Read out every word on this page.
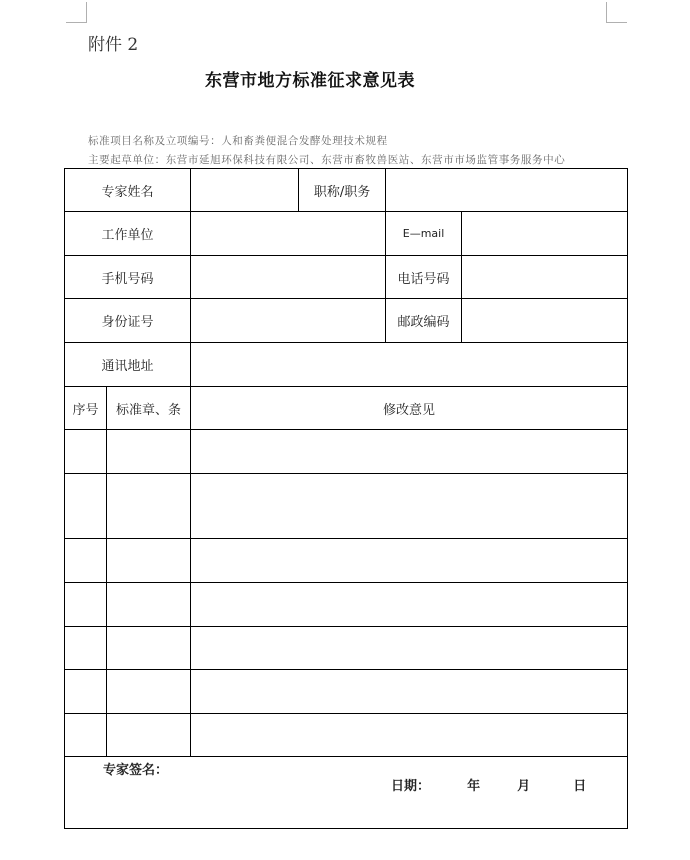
附件 2
东营市地方标准征求意见表
标准项目名称及立项编号：人和畜粪便混合发酵处理技术规程
主要起草单位：东营市延旭环保科技有限公司、东营市畜牧兽医站、东营市市场监管事务服务中心
专家姓名			职称/职务		
工作单位				E—mail	
手机号码				电话号码	
身份证号				邮政编码	
通讯地址					
序号	标准章、条	修改意见			

专家签名：
日期： 年 月 日					
